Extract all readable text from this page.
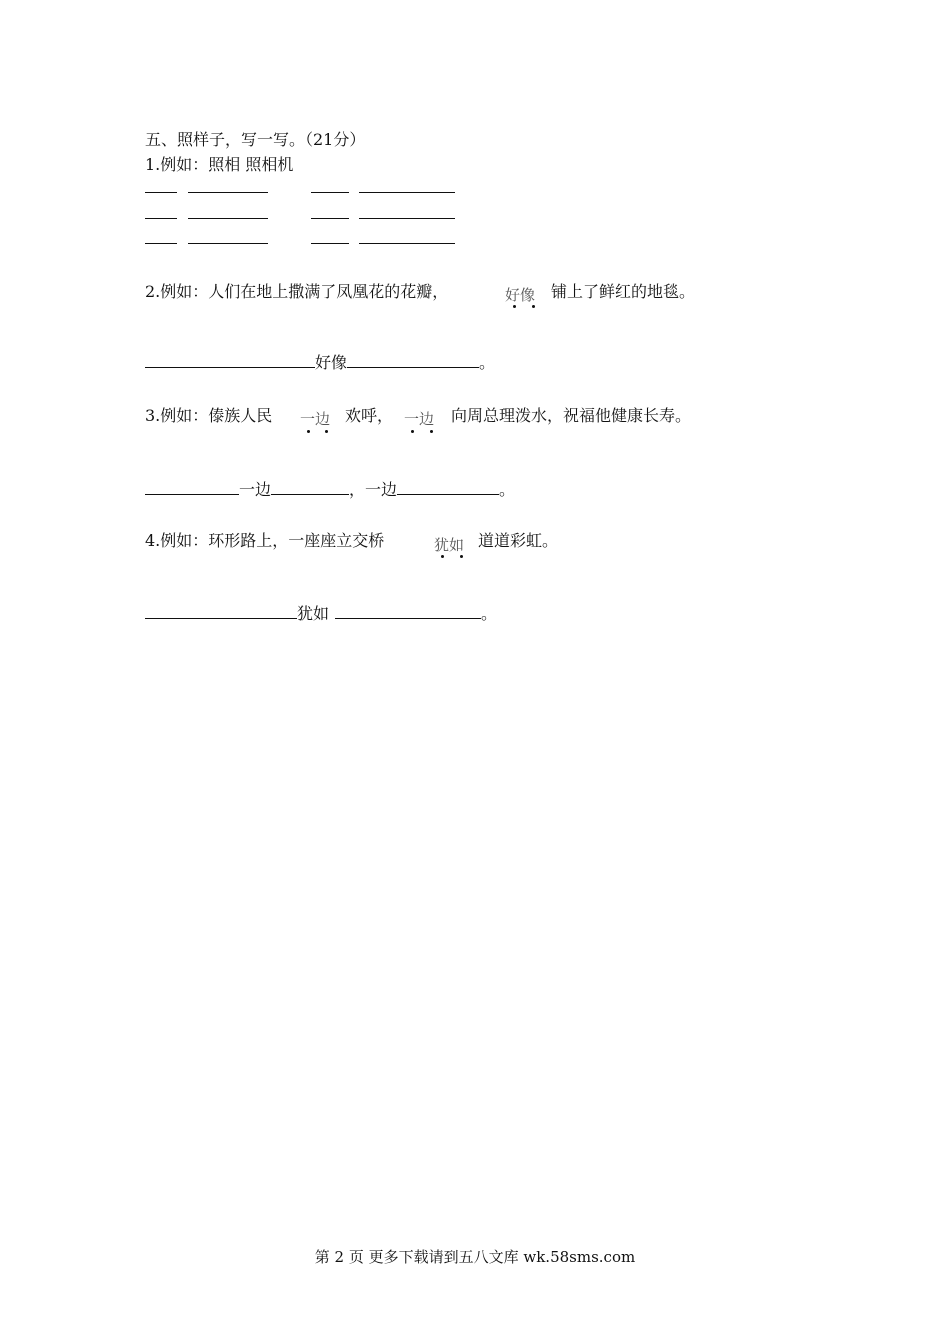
五、照样子，写一写。（21分）
1.例如：照相 照相机
2.例如：人们在地上撒满了凤凰花的花瓣，	好像 铺上了鲜红的地毯。
好像	。
3.例如：傣族人民 一边 欢呼， 一边 向周总理泼水，祝福他健康长寿。
一边	，一边	。
4.例如：环形路上，一座座立交桥	犹如 道道彩虹。
犹如	。
第 2 页 更多下载请到五八文库 wk.58sms.com
